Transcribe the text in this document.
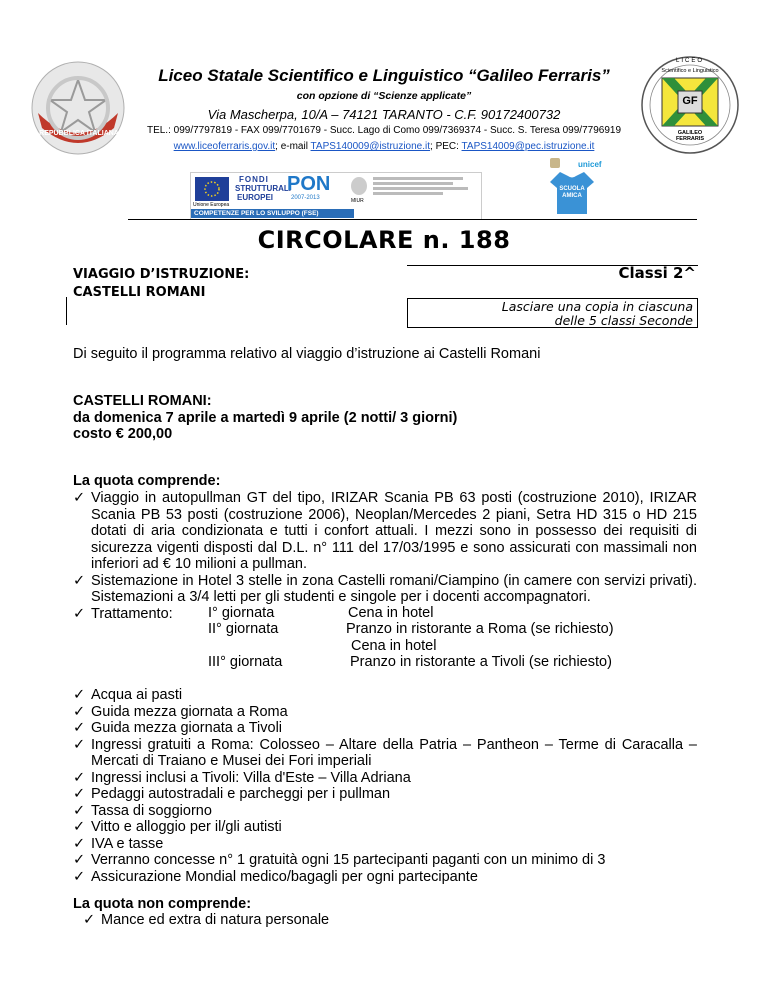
REPUBBLICA ITALIANA
LICEO
Scientifico e Linguistico
GF
GALILEO FERRARIS
Liceo Statale Scientifico e Linguistico “Galileo Ferraris”
con opzione di “Scienze applicate”
Via Mascherpa, 10/A – 74121 TARANTO - C.F. 90172400732
TEL.: 099/7797819 - FAX 099/7701679 - Succ. Lago di Como 099/7369374 - Succ. S. Teresa 099/7796919
www.liceoferraris.gov.it; e-mail TAPS140009@istruzione.it; PEC: TAPS14009@pec.istruzione.it
Unione Europea
FONDI
STRUTTURALI
EUROPEI
PON
2007-2013	MIUR
COMPETENZE PER LO SVILUPPO (FSE)
SCUOLA AMICA
unicef
CIRCOLARE n. 188
VIAGGIO D’ISTRUZIONE:
CASTELLI ROMANI
Classi 2^
Lasciare una copia in ciascuna
delle 5 classi Seconde
Di seguito il programma relativo al viaggio d’istruzione ai Castelli Romani
CASTELLI ROMANI:
da domenica 7 aprile a martedì 9 aprile (2 notti/ 3 giorni)
costo € 200,00
La quota comprende:
✓ Viaggio in autopullman GT del tipo, IRIZAR Scania PB 63 posti (costruzione 2010), IRIZAR Scania PB 53 posti (costruzione 2006), Neoplan/Mercedes 2 piani, Setra HD 315 o HD 215 dotati di aria condizionata e tutti i confort attuali. I mezzi sono in possesso dei requisiti di sicurezza vigenti disposti dal D.L. n° 111 del 17/03/1995 e sono assicurati con massimali non inferiori ad € 10 milioni a pullman.
✓ Sistemazione in Hotel 3 stelle in zona Castelli romani/Ciampino (in camere con servizi privati). Sistemazioni a 3/4 letti per gli studenti e singole per i docenti accompagnatori.
✓ Trattamento:	I° giornata	Cena in hotel
II° giornata	Pranzo in ristorante a Roma (se richiesto)
Cena in hotel
III° giornata	Pranzo in ristorante a Tivoli (se richiesto)
✓ Acqua ai pasti
✓ Guida mezza giornata a Roma
✓ Guida mezza giornata a Tivoli
✓ Ingressi gratuiti a Roma: Colosseo – Altare della Patria – Pantheon – Terme di Caracalla – Mercati di Traiano e Musei dei Fori imperiali
✓ Ingressi inclusi a Tivoli: Villa d'Este – Villa Adriana
✓ Pedaggi autostradali e parcheggi per i pullman
✓ Tassa di soggiorno
✓ Vitto e alloggio per il/gli autisti
✓ IVA e tasse
✓ Verranno concesse n° 1 gratuità ogni 15 partecipanti paganti con un minimo di 3
✓ Assicurazione Mondial medico/bagagli per ogni partecipante
La quota non comprende:
✓ Mance ed extra di natura personale
